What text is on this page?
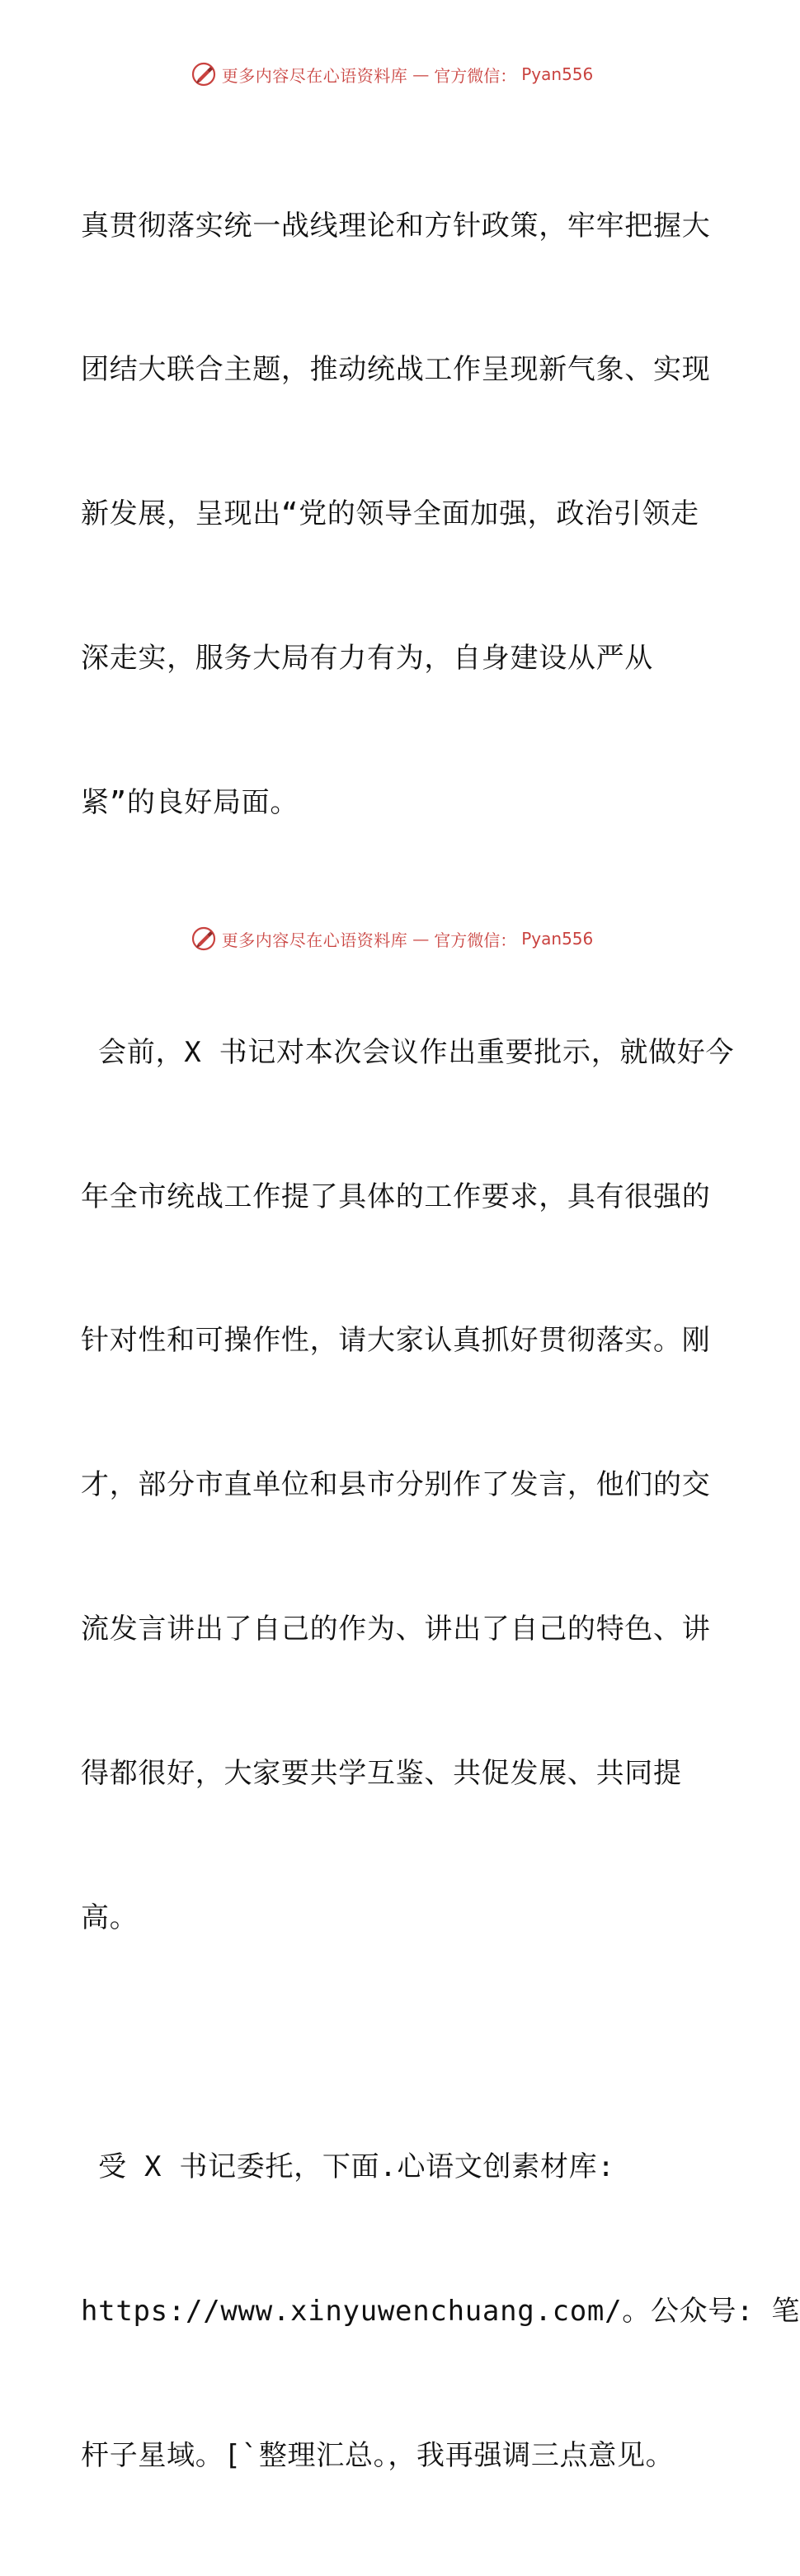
更多内容尽在心语资料库 — 官方微信： Pyan556

真贯彻落实统一战线理论和方针政策，牢牢把握大

团结大联合主题，推动统战工作呈现新气象、实现

新发展，呈现出“党的领导全面加强，政治引领走

深走实，服务大局有力有为，自身建设从严从

紧”的良好局面。

会前，X 书记对本次会议作出重要批示，就做好今

年全市统战工作提了具体的工作要求，具有很强的

针对性和可操作性，请大家认真抓好贯彻落实。刚

才，部分市直单位和县市分别作了发言，他们的交

流发言讲出了自己的作为、讲出了自己的特色、讲

得都很好，大家要共学互鉴、共促发展、共同提

高。

受 X 书记委托，下面.心语文创素材库:

https://www.xinyuwenchuang.com/。公众号: 笔

杆子星域。[`整理汇总。，我再强调三点意见。

更多内容尽在心语资料库 — 官方微信： Pyan556
